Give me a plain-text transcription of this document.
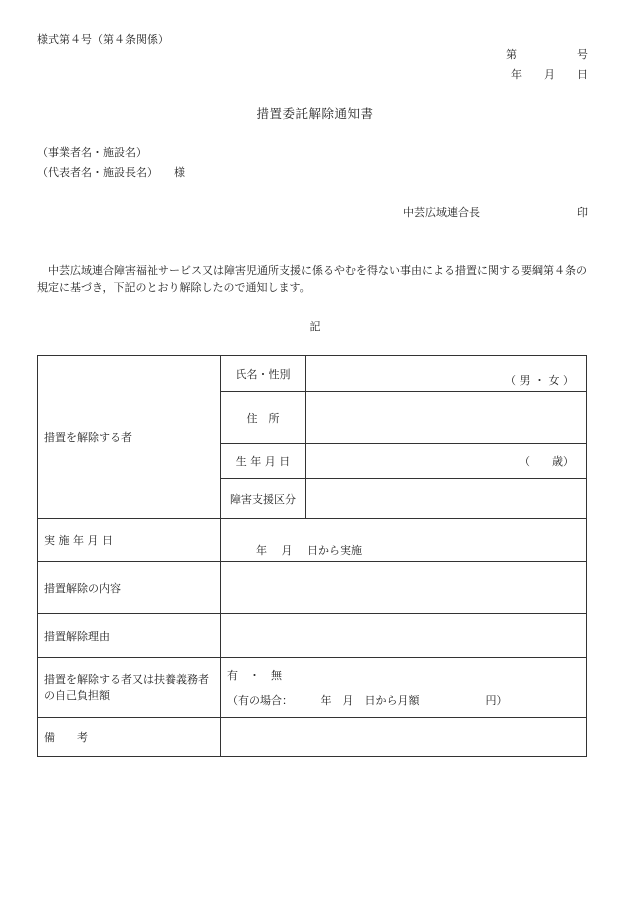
様式第４号（第４条関係）
第	号
年 月 日
措置委託解除通知書
（事業者名・施設名）
（代表者名・施設長名） 様
中芸広域連合長	印
中芸広域連合障害福祉サービス又は障害児通所支援に係るやむを得ない事由による措置に関する要綱第４条の規定に基づき，下記のとおり解除したので通知します。
記
措置を解除する者	氏名・性別	（ 男 ・ 女 ）
	住　所	
	生 年 月 日	（　　歳）
	障害支援区分	
実 施 年 月 日	年　 月　 日から実施	
措置解除の内容		
措置解除理由		
措置を解除する者又は扶養義務者の自己負担額	有　・　無
（有の場合：　　　年　月　日から月額　　　　　　円）	

備　　考		
